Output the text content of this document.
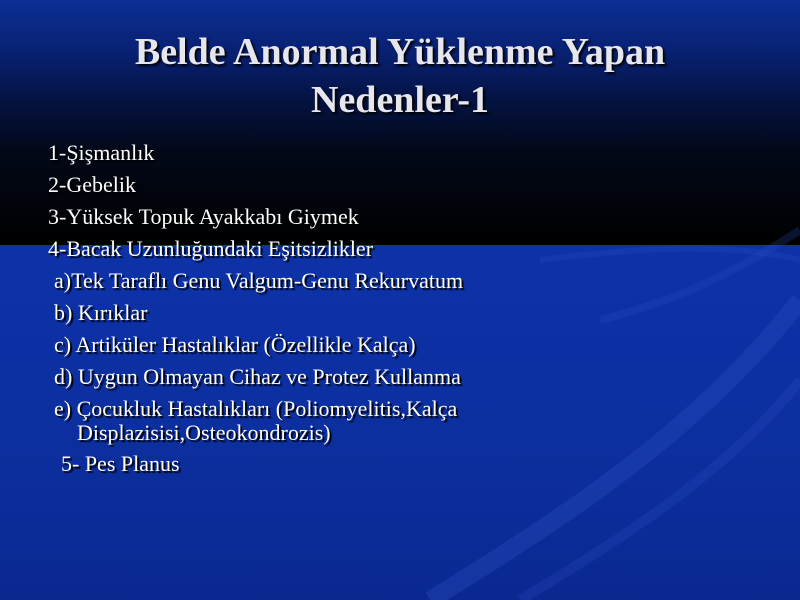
Belde Anormal Yüklenme Yapan
Nedenler-1
1-Şişmanlık
2-Gebelik
3-Yüksek Topuk Ayakkabı Giymek
4-Bacak Uzunluğundaki Eşitsizlikler
a)Tek Taraflı Genu Valgum-Genu Rekurvatum
b) Kırıklar
c) Artiküler Hastalıklar (Özellikle Kalça)
d) Uygun Olmayan Cihaz ve Protez Kullanma
e) Çocukluk Hastalıkları (Poliomyelitis,Kalça
Displazisisi,Osteokondrozis)
5- Pes Planus
